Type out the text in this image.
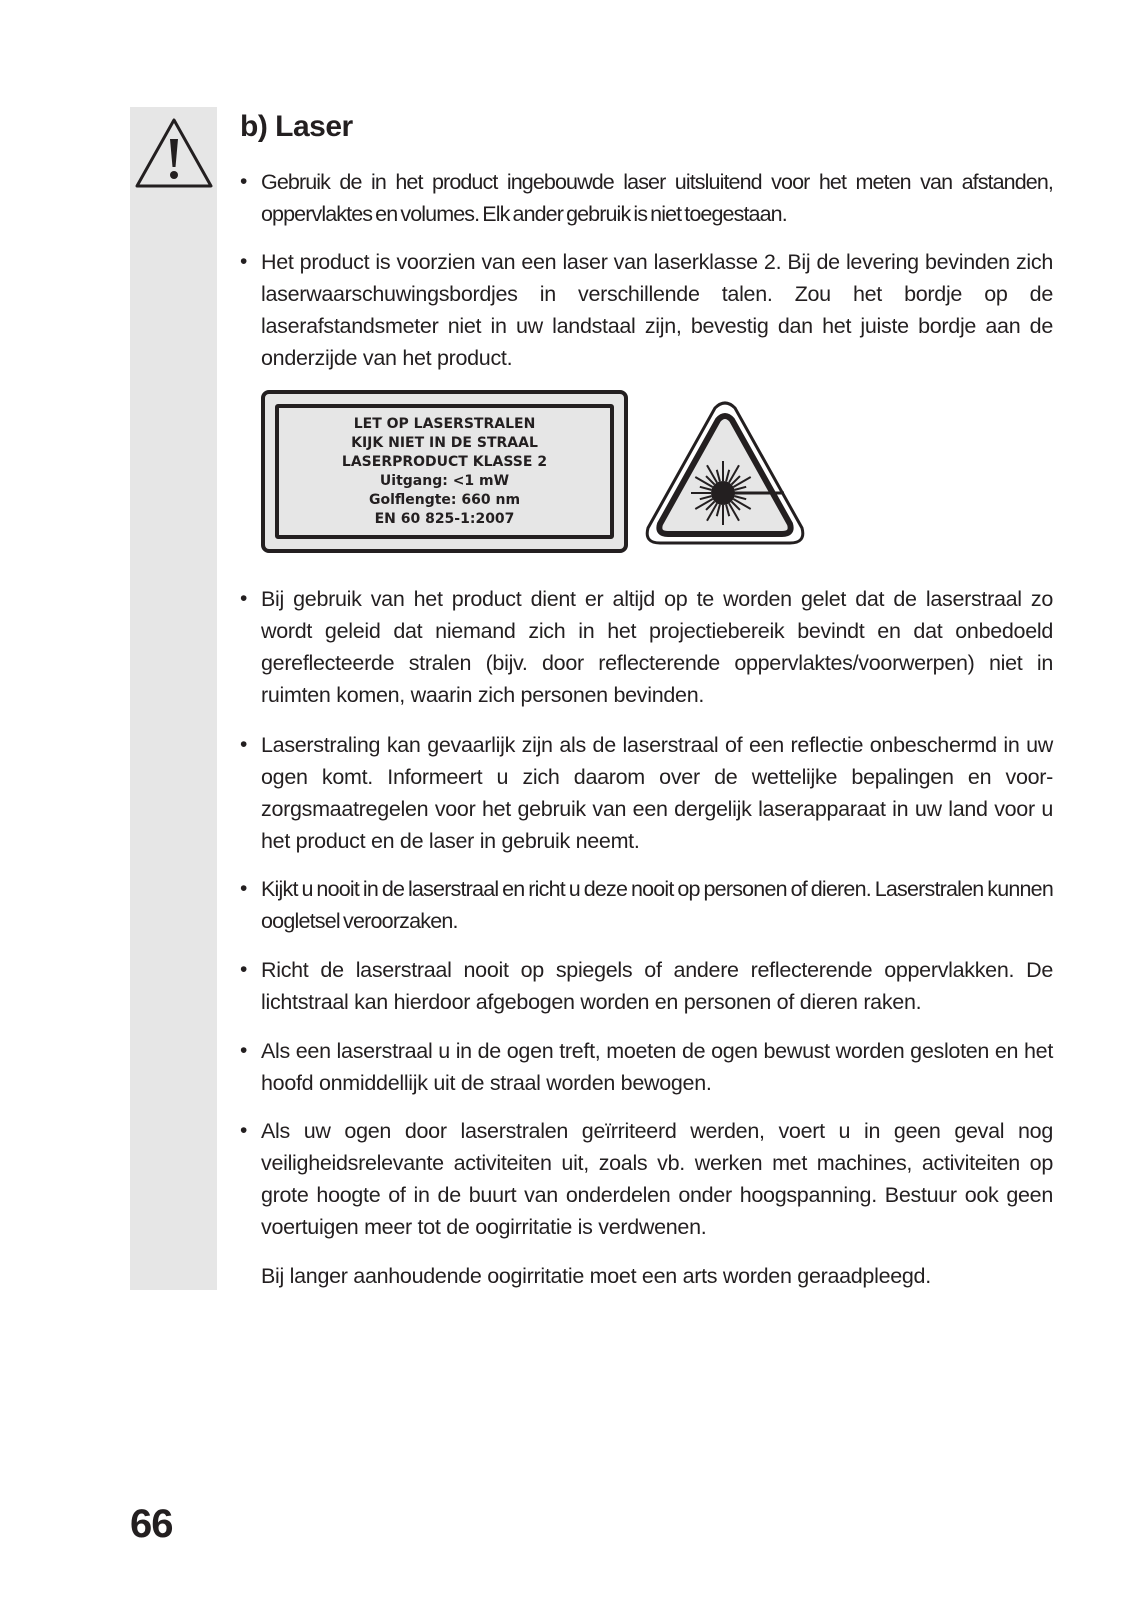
b) Laser
• Gebruik de in het product ingebouwde laser uitsluitend voor het meten van afstanden, oppervlaktes en volumes. Elk ander gebruik is niet toegestaan.

• Het product is voorzien van een laser van laserklasse 2. Bij de levering bevinden zich laserwaarschuwingsbordjes in verschillende talen. Zou het bordje op de laserafstandsmeter niet in uw landstaal zijn, bevestig dan het juiste bordje aan de onderzijde van het product.

LET OP LASERSTRALEN
KIJK NIET IN DE STRAAL
LASERPRODUCT KLASSE 2
Uitgang: <1 mW
Golflengte: 660 nm
EN 60 825-1:2007
• Bij gebruik van het product dient er altijd op te worden gelet dat de laserstraal zo wordt geleid dat niemand zich in het projectiebereik bevindt en dat onbedoeld gereflecteerde stralen (bijv. door reflecterende oppervlaktes/voorwerpen) niet in ruimten komen, waarin zich personen bevinden.

• Laserstraling kan gevaarlijk zijn als de laserstraal of een reflectie onbeschermd in uw ogen komt. Informeert u zich daarom over de wettelijke bepalingen en voor-zorgsmaatregelen voor het gebruik van een dergelijk laserapparaat in uw land voor u het product en de laser in gebruik neemt.

• Kijkt u nooit in de laserstraal en richt u deze nooit op personen of dieren. Laserstralen kunnen oogletsel veroorzaken.

• Richt de laserstraal nooit op spiegels of andere reflecterende oppervlakken. De lichtstraal kan hierdoor afgebogen worden en personen of dieren raken.

• Als een laserstraal u in de ogen treft, moeten de ogen bewust worden gesloten en het hoofd onmiddellijk uit de straal worden bewogen.

• Als uw ogen door laserstralen geïrriteerd werden, voert u in geen geval nog veiligheidsrelevante activiteiten uit, zoals vb. werken met machines, activiteiten op grote hoogte of in de buurt van onderdelen onder hoogspanning. Bestuur ook geen voertuigen meer tot de oogirritatie is verdwenen.

Bij langer aanhoudende oogirritatie moet een arts worden geraadpleegd.

66
